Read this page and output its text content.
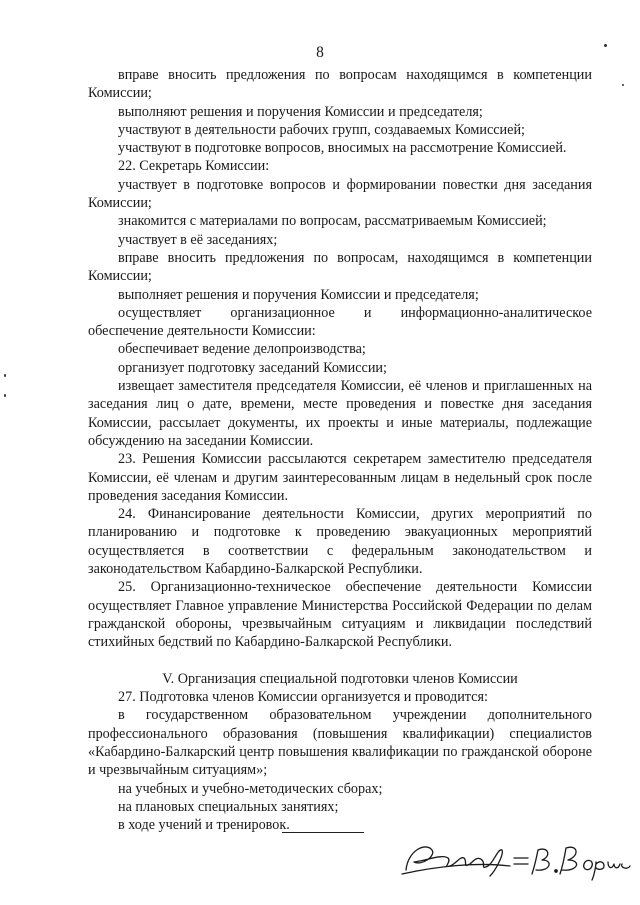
8

вправе вносить предложения по вопросам находящимся в компетенции Комиссии;

выполняют решения и поручения Комиссии и председателя;

участвуют в деятельности рабочих групп, создаваемых Комиссией;

участвуют в подготовке вопросов, вносимых на рассмотрение Комиссией.

22. Секретарь Комиссии:

участвует в подготовке вопросов и формировании повестки дня заседания Комиссии;

знакомится с материалами по вопросам, рассматриваемым Комиссией;

участвует в её заседаниях;

вправе вносить предложения по вопросам, находящимся в компетенции Комиссии;

выполняет решения и поручения Комиссии и председателя;

осуществляет организационное и информационно-аналитическое обеспечение деятельности Комиссии:

обеспечивает ведение делопроизводства;

организует подготовку заседаний Комиссии;

извещает заместителя председателя Комиссии, её членов и приглашенных на заседания лиц о дате, времени, месте проведения и повестке дня заседания Комиссии, рассылает документы, их проекты и иные материалы, подлежащие обсуждению на заседании Комиссии.

23. Решения Комиссии рассылаются секретарем заместителю председателя Комиссии, её членам и другим заинтересованным лицам в недельный срок после проведения заседания Комиссии.

24. Финансирование деятельности Комиссии, других мероприятий по планированию и подготовке к проведению эвакуационных мероприятий осуществляется в соответствии с федеральным законодательством и законодательством Кабардино-Балкарской Республики.

25. Организационно-техническое обеспечение деятельности Комиссии осуществляет Главное управление Министерства Российской Федерации по делам гражданской обороны, чрезвычайным ситуациям и ликвидации последствий стихийных бедствий по Кабардино-Балкарской Республики.

V. Организация специальной подготовки членов Комиссии

27. Подготовка членов Комиссии организуется и проводится:

в государственном образовательном учреждении дополнительного профессионального образования (повышения квалификации) специалистов «Кабардино-Балкарский центр повышения квалификации по гражданской обороне и чрезвычайным ситуациям»;

на учебных и учебно-методических сборах;

на плановых специальных занятиях;

в ходе учений и тренировок.
